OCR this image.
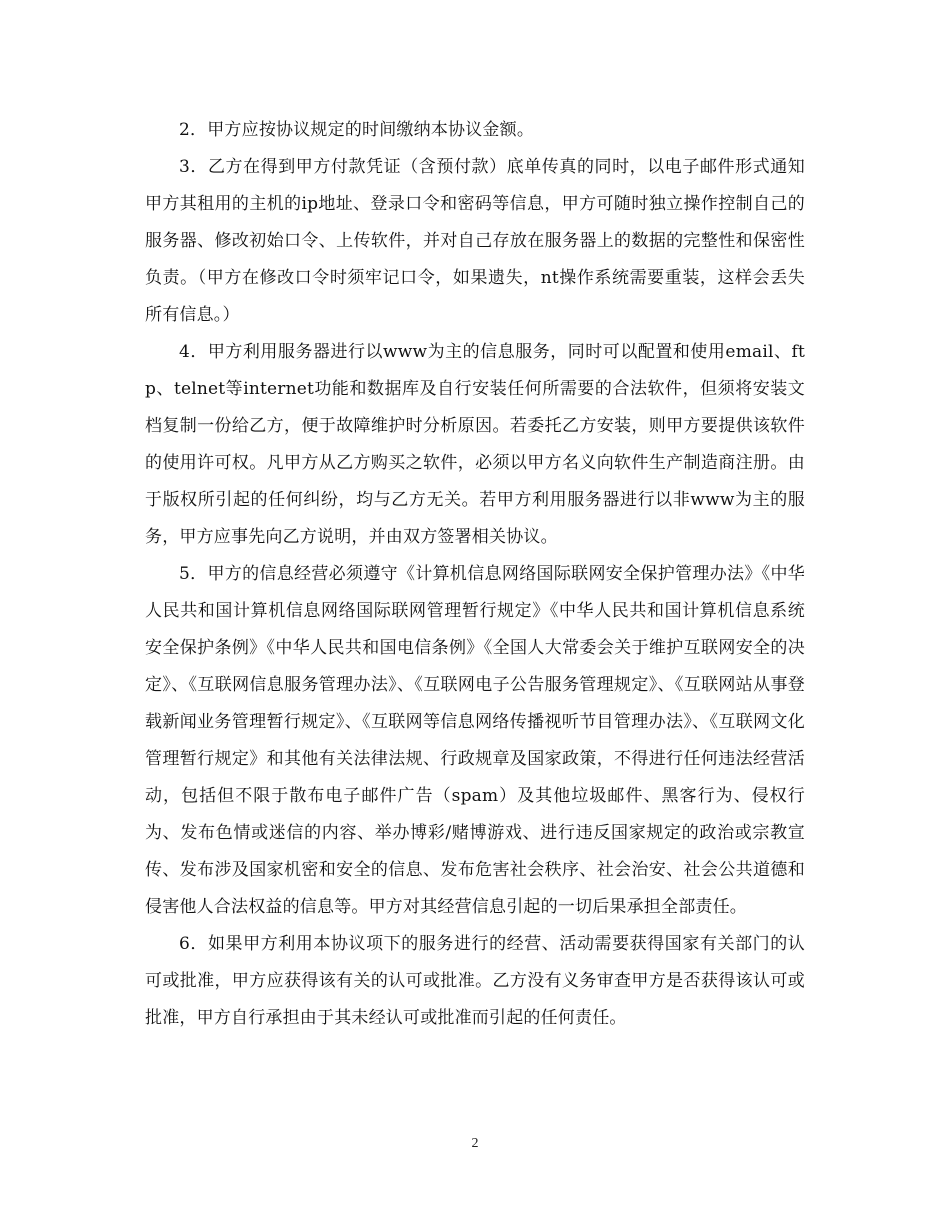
2．甲方应按协议规定的时间缴纳本协议金额。

3．乙方在得到甲方付款凭证（含预付款）底单传真的同时，以电子邮件形式通知甲方其租用的主机的ip地址、登录口令和密码等信息，甲方可随时独立操作控制自己的服务器、修改初始口令、上传软件，并对自己存放在服务器上的数据的完整性和保密性负责。（甲方在修改口令时须牢记口令，如果遗失，nt操作系统需要重装，这样会丢失所有信息。）

4．甲方利用服务器进行以www为主的信息服务，同时可以配置和使用email、ftp、telnet等internet功能和数据库及自行安装任何所需要的合法软件，但须将安装文档复制一份给乙方，便于故障维护时分析原因。若委托乙方安装，则甲方要提供该软件的使用许可权。凡甲方从乙方购买之软件，必须以甲方名义向软件生产制造商注册。由于版权所引起的任何纠纷，均与乙方无关。若甲方利用服务器进行以非www为主的服务，甲方应事先向乙方说明，并由双方签署相关协议。

5．甲方的信息经营必须遵守《计算机信息网络国际联网安全保护管理办法》《中华人民共和国计算机信息网络国际联网管理暂行规定》《中华人民共和国计算机信息系统安全保护条例》《中华人民共和国电信条例》《全国人大常委会关于维护互联网安全的决定》、《互联网信息服务管理办法》、《互联网电子公告服务管理规定》、《互联网站从事登载新闻业务管理暂行规定》、《互联网等信息网络传播视听节目管理办法》、《互联网文化管理暂行规定》和其他有关法律法规、行政规章及国家政策，不得进行任何违法经营活动，包括但不限于散布电子邮件广告（spam）及其他垃圾邮件、黑客行为、侵权行为、发布色情或迷信的内容、举办博彩/赌博游戏、进行违反国家规定的政治或宗教宣传、发布涉及国家机密和安全的信息、发布危害社会秩序、社会治安、社会公共道德和侵害他人合法权益的信息等。甲方对其经营信息引起的一切后果承担全部责任。

6．如果甲方利用本协议项下的服务进行的经营、活动需要获得国家有关部门的认可或批准，甲方应获得该有关的认可或批准。乙方没有义务审查甲方是否获得该认可或批准，甲方自行承担由于其未经认可或批准而引起的任何责任。

2
